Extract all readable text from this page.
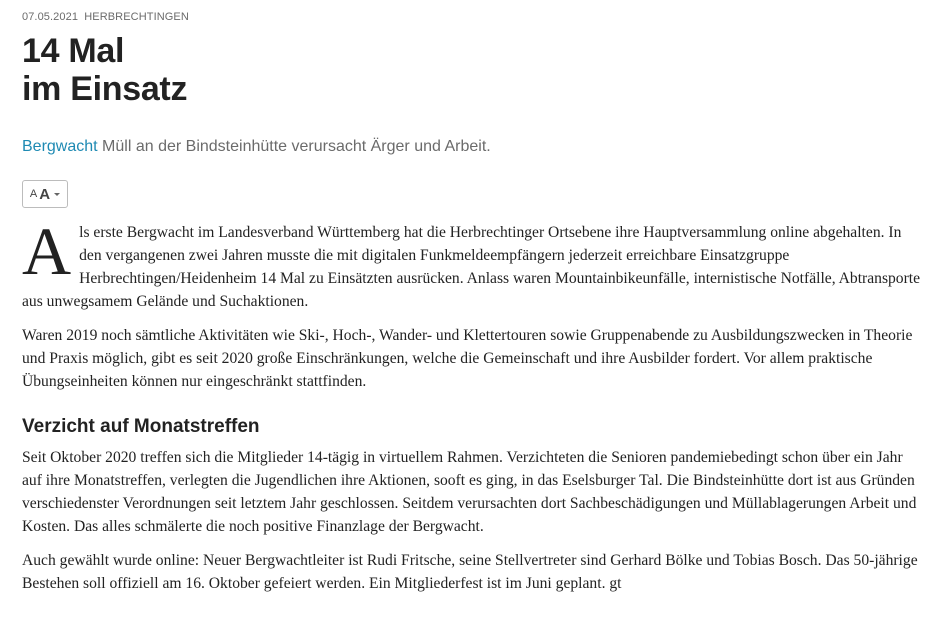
07.05.2021 HERBRECHTINGEN
14 Mal
im Einsatz
Bergwacht Müll an der Bindsteinhütte verursacht Ärger und Arbeit.
A A

Als erste Bergwacht im Landesverband Württemberg hat die Herbrechtinger Ortsebene ihre Hauptversammlung online abgehalten. In den vergangenen zwei Jahren musste die mit digitalen Funkmeldeempfängern jederzeit erreichbare Einsatzgruppe Herbrechtingen/Heidenheim 14 Mal zu Einsätzten ausrücken. Anlass waren Mountainbikeunfälle, internistische Notfälle, Abtransporte aus unwegsamem Gelände und Suchaktionen.

Waren 2019 noch sämtliche Aktivitäten wie Ski-, Hoch-, Wander- und Klettertouren sowie Gruppenabende zu Ausbildungszwecken in Theorie und Praxis möglich, gibt es seit 2020 große Einschränkungen, welche die Gemeinschaft und ihre Ausbilder fordert. Vor allem praktische Übungseinheiten können nur eingeschränkt stattfinden.

Verzicht auf Monatstreffen

Seit Oktober 2020 treffen sich die Mitglieder 14-tägig in virtuellem Rahmen. Verzichteten die Senioren pandemiebedingt schon über ein Jahr auf ihre Monatstreffen, verlegten die Jugendlichen ihre Aktionen, sooft es ging, in das Eselsburger Tal. Die Bindsteinhütte dort ist aus Gründen verschiedenster Verordnungen seit letztem Jahr geschlossen. Seitdem verursachten dort Sachbeschädigungen und Müllablagerungen Arbeit und Kosten. Das alles schmälerte die noch positive Finanzlage der Bergwacht.

Auch gewählt wurde online: Neuer Bergwachtleiter ist Rudi Fritsche, seine Stellvertreter sind Gerhard Bölke und Tobias Bosch. Das 50-jährige Bestehen soll offiziell am 16. Oktober gefeiert werden. Ein Mitgliederfest ist im Juni geplant. gt
